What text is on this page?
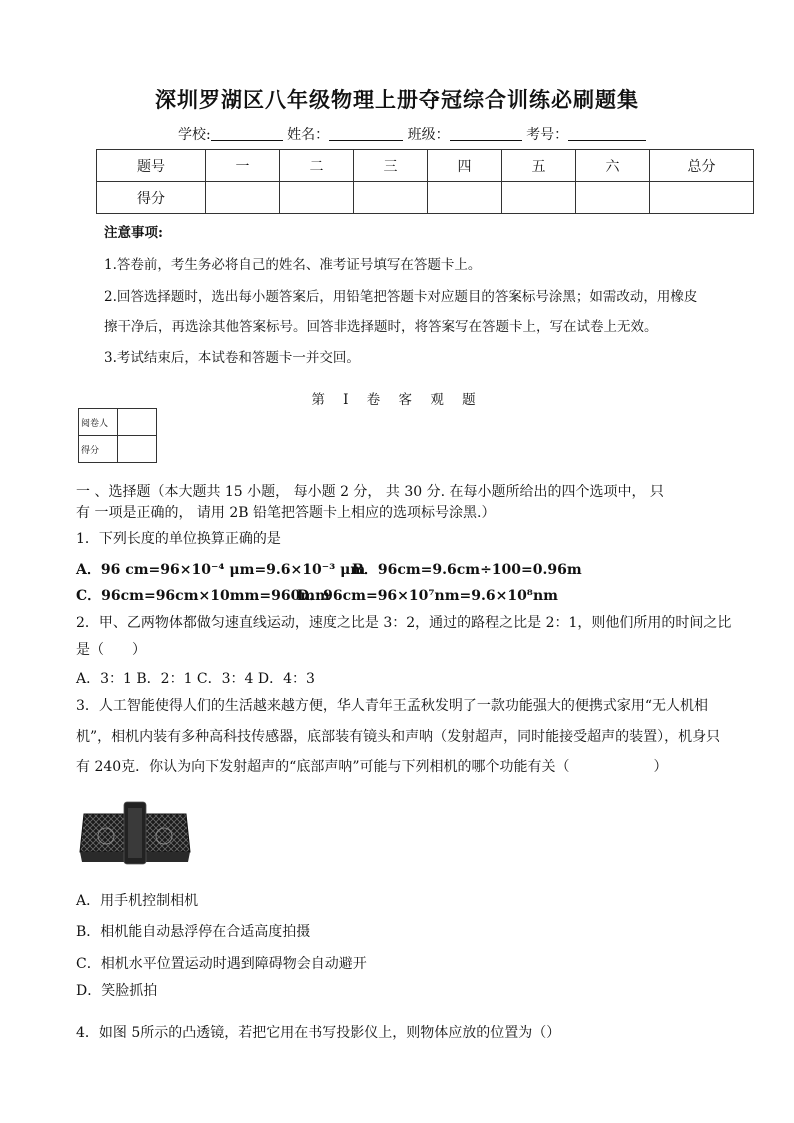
深圳罗湖区八年级物理上册夺冠综合训练必刷题集
学校:	姓名：	班级：	考号：
题号	一	二	三	四	五	六	总分
得分							
注意事项:
1.答卷前，考生务必将自己的姓名、准考证号填写在答题卡上。
2.回答选择题时，选出每小题答案后，用铅笔把答题卡对应题目的答案标号涂黑；如需改动，用橡皮
擦干净后，再选涂其他答案标号。回答非选择题时，将答案写在答题卡上，写在试卷上无效。
3.考试结束后，本试卷和答题卡一并交回。
第 I 卷 客 观 题
阅卷人	
得分	
一 、选择题（本大题共 15 小题， 每小题 2 分， 共 30 分. 在每小题所给出的四个选项中， 只
有 一项是正确的， 请用 2B 铅笔把答题卡上相应的选项标号涂黑.）
1．下列长度的单位换算正确的是
A．96 cm=96×10⁻⁴ μm=9.6×10⁻³ μm
B．96cm=9.6cm÷100=0.96m
C．96cm=96cm×10mm=960mm
D．96cm=96×10⁷nm=9.6×10⁸nm
2．甲、乙两物体都做匀速直线运动，速度之比是 3：2，通过的路程之比是 2：1，则他们所用的时间之比
是（　　）
A．3：1 B．2：1 C．3：4 D．4：3
3．人工智能使得人们的生活越来越方便，华人青年王孟秋发明了一款功能强大的便携式家用“无人机相
机”，相机内装有多种高科技传感器，底部装有镜头和声呐（发射超声，同时能接受超声的装置），机身只
有 240克．你认为向下发射超声的“底部声呐”可能与下列相机的哪个功能有关（　　　　　　）
A．用手机控制相机
B．相机能自动悬浮停在合适高度拍摄
C．相机水平位置运动时遇到障碍物会自动避开
D．笑脸抓拍
4．如图 5所示的凸透镜，若把它用在书写投影仪上，则物体应放的位置为（）
